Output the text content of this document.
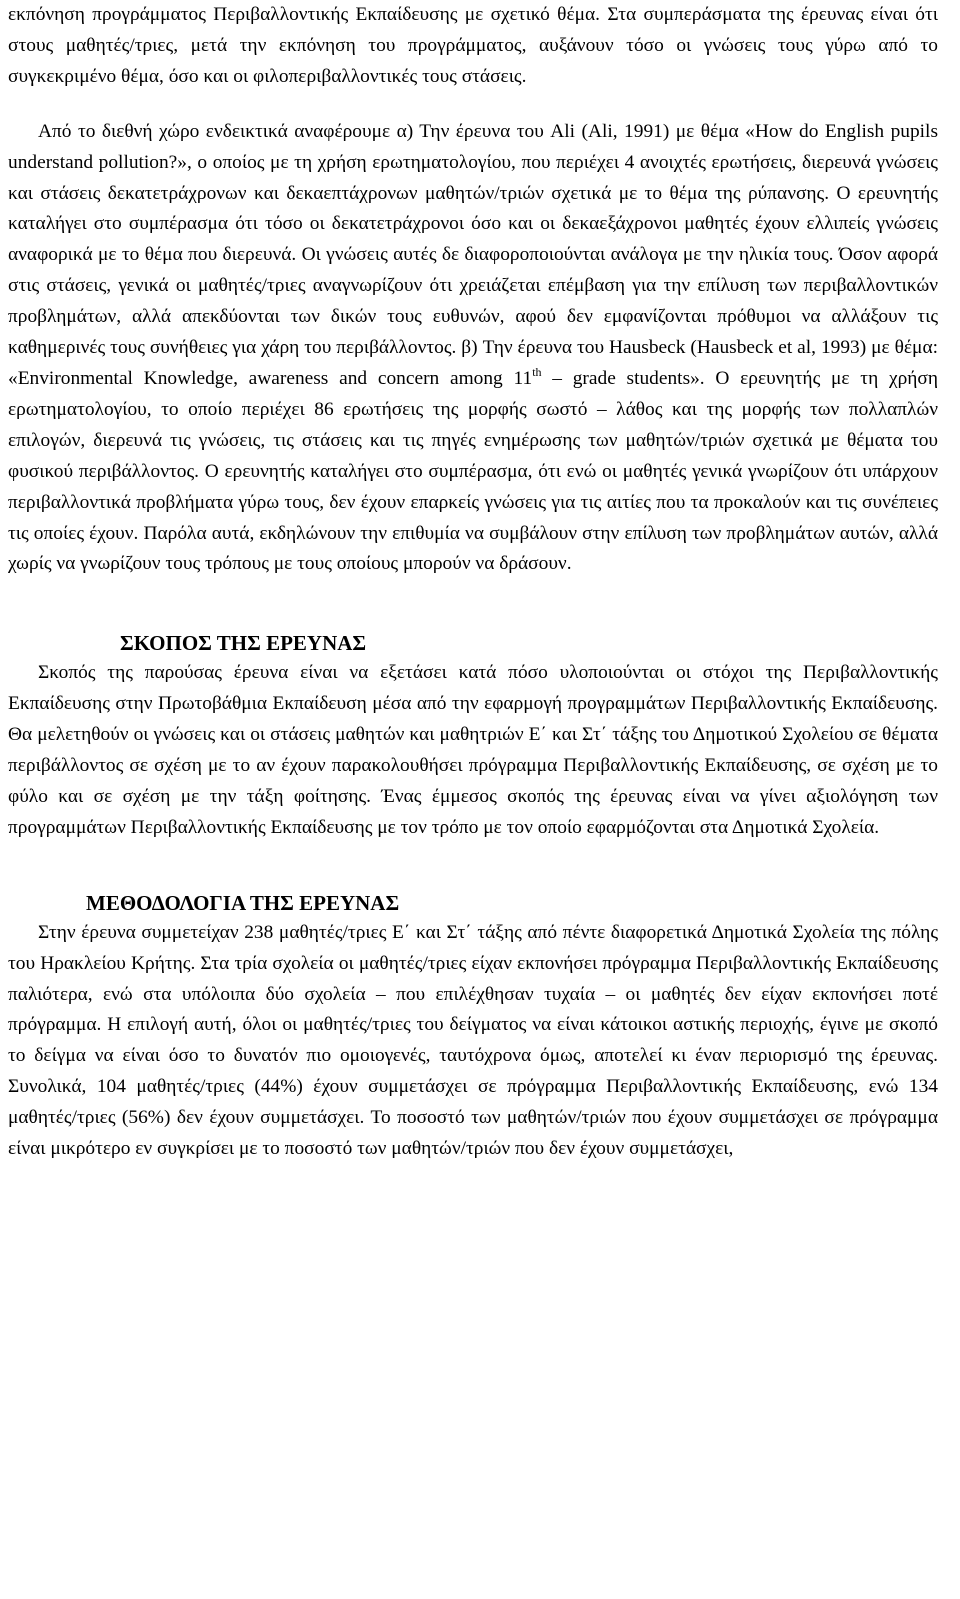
εκπόνηση προγράμματος Περιβαλλοντικής Εκπαίδευσης με σχετικό θέμα. Στα συμπεράσματα της έρευνας είναι ότι στους μαθητές/τριες, μετά την εκπόνηση του προγράμματος, αυξάνουν τόσο οι γνώσεις τους γύρω από το συγκεκριμένο θέμα, όσο και οι φιλοπεριβαλλοντικές τους στάσεις.

Από το διεθνή χώρο ενδεικτικά αναφέρουμε α) Την έρευνα του Ali (Ali, 1991) με θέμα «How do English pupils understand pollution?», ο οποίος με τη χρήση ερωτηματολογίου, που περιέχει 4 ανοιχτές ερωτήσεις, διερευνά γνώσεις και στάσεις δεκατετράχρονων και δεκαεπτάχρονων μαθητών/τριών σχετικά με το θέμα της ρύπανσης. Ο ερευνητής καταλήγει στο συμπέρασμα ότι τόσο οι δεκατετράχρονοι όσο και οι δεκαεξάχρονοι μαθητές έχουν ελλιπείς γνώσεις αναφορικά με το θέμα που διερευνά. Οι γνώσεις αυτές δε διαφοροποιούνται ανάλογα με την ηλικία τους. Όσον αφορά στις στάσεις, γενικά οι μαθητές/τριες αναγνωρίζουν ότι χρειάζεται επέμβαση για την επίλυση των περιβαλλοντικών προβλημάτων, αλλά απεκδύονται των δικών τους ευθυνών, αφού δεν εμφανίζονται πρόθυμοι να αλλάξουν τις καθημερινές τους συνήθειες για χάρη του περιβάλλοντος. β) Την έρευνα του Hausbeck (Hausbeck et al, 1993) με θέμα: «Environmental Knowledge, awareness and concern among 11th – grade students». Ο ερευνητής με τη χρήση ερωτηματολογίου, το οποίο περιέχει 86 ερωτήσεις της μορφής σωστό – λάθος και της μορφής των πολλαπλών επιλογών, διερευνά τις γνώσεις, τις στάσεις και τις πηγές ενημέρωσης των μαθητών/τριών σχετικά με θέματα του φυσικού περιβάλλοντος. Ο ερευνητής καταλήγει στο συμπέρασμα, ότι ενώ οι μαθητές γενικά γνωρίζουν ότι υπάρχουν περιβαλλοντικά προβλήματα γύρω τους, δεν έχουν επαρκείς γνώσεις για τις αιτίες που τα προκαλούν και τις συνέπειες τις οποίες έχουν. Παρόλα αυτά, εκδηλώνουν την επιθυμία να συμβάλουν στην επίλυση των προβλημάτων αυτών, αλλά χωρίς να γνωρίζουν τους τρόπους με τους οποίους μπορούν να δράσουν.

ΣΚΟΠΟΣ ΤΗΣ ΕΡΕΥΝΑΣ

Σκοπός της παρούσας έρευνα είναι να εξετάσει κατά πόσο υλοποιούνται οι στόχοι της Περιβαλλοντικής Εκπαίδευσης στην Πρωτοβάθμια Εκπαίδευση μέσα από την εφαρμογή προγραμμάτων Περιβαλλοντικής Εκπαίδευσης. Θα μελετηθούν οι γνώσεις και οι στάσεις μαθητών και μαθητριών Ε΄ και Στ΄ τάξης του Δημοτικού Σχολείου σε θέματα περιβάλλοντος σε σχέση με το αν έχουν παρακολουθήσει πρόγραμμα Περιβαλλοντικής Εκπαίδευσης, σε σχέση με το φύλο και σε σχέση με την τάξη φοίτησης. Ένας έμμεσος σκοπός της έρευνας είναι να γίνει αξιολόγηση των προγραμμάτων Περιβαλλοντικής Εκπαίδευσης με τον τρόπο με τον οποίο εφαρμόζονται στα Δημοτικά Σχολεία.

ΜΕΘΟΔΟΛΟΓΙΑ ΤΗΣ ΕΡΕΥΝΑΣ

Στην έρευνα συμμετείχαν 238 μαθητές/τριες Ε΄ και Στ΄ τάξης από πέντε διαφορετικά Δημοτικά Σχολεία της πόλης του Ηρακλείου Κρήτης. Στα τρία σχολεία οι μαθητές/τριες είχαν εκπονήσει πρόγραμμα Περιβαλλοντικής Εκπαίδευσης παλιότερα, ενώ στα υπόλοιπα δύο σχολεία – που επιλέχθησαν τυχαία – οι μαθητές δεν είχαν εκπονήσει ποτέ πρόγραμμα. Η επιλογή αυτή, όλοι οι μαθητές/τριες του δείγματος να είναι κάτοικοι αστικής περιοχής, έγινε με σκοπό το δείγμα να είναι όσο το δυνατόν πιο ομοιογενές, ταυτόχρονα όμως, αποτελεί κι έναν περιορισμό της έρευνας. Συνολικά, 104 μαθητές/τριες (44%) έχουν συμμετάσχει σε πρόγραμμα Περιβαλλοντικής Εκπαίδευσης, ενώ 134 μαθητές/τριες (56%) δεν έχουν συμμετάσχει. Το ποσοστό των μαθητών/τριών που έχουν συμμετάσχει σε πρόγραμμα είναι μικρότερο εν συγκρίσει με το ποσοστό των μαθητών/τριών που δεν έχουν συμμετάσχει,
